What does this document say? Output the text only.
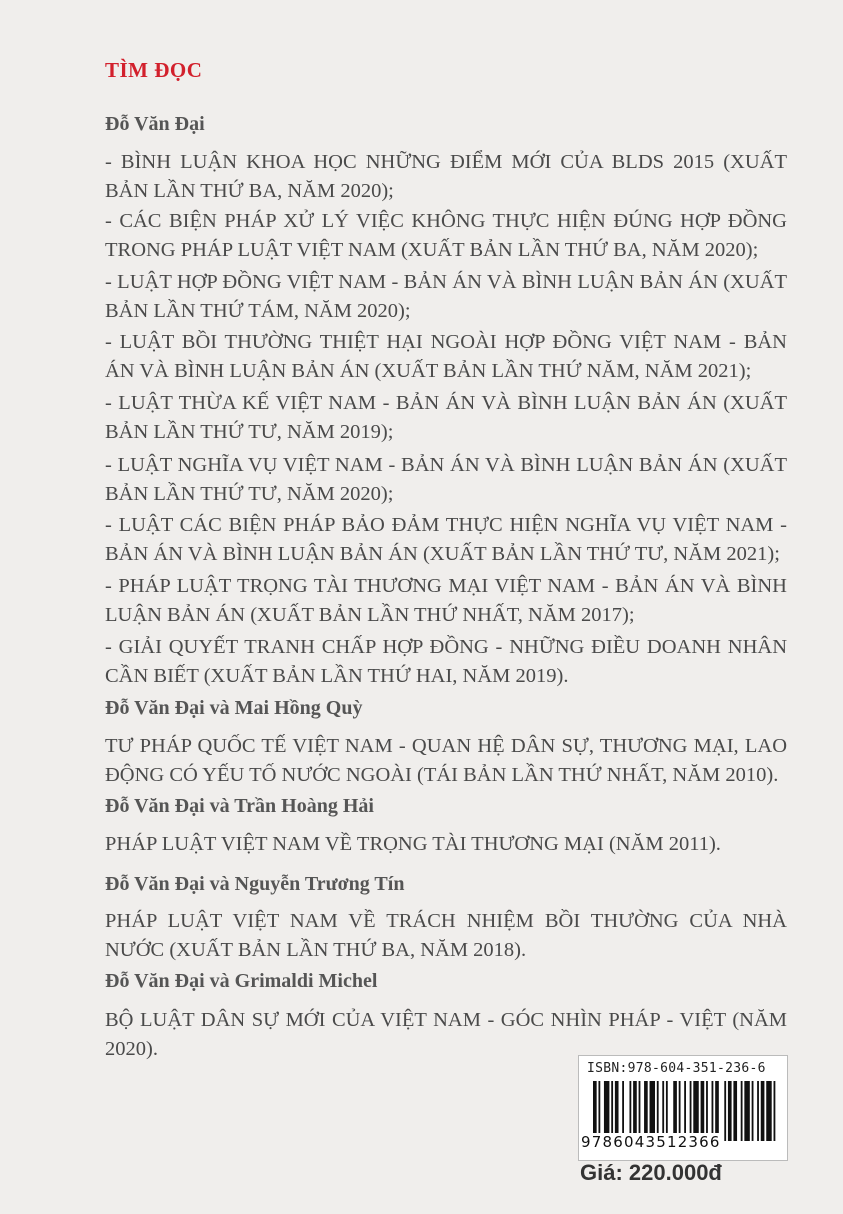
TÌM ĐỌC
Đỗ Văn Đại
- BÌNH LUẬN KHOA HỌC NHỮNG ĐIỂM MỚI CỦA BLDS 2015 (XUẤT BẢN LẦN THỨ BA, NĂM 2020);
- CÁC BIỆN PHÁP XỬ LÝ VIỆC KHÔNG THỰC HIỆN ĐÚNG HỢP ĐỒNG TRONG PHÁP LUẬT VIỆT NAM (XUẤT BẢN LẦN THỨ BA, NĂM 2020);
- LUẬT HỢP ĐỒNG VIỆT NAM - BẢN ÁN VÀ BÌNH LUẬN BẢN ÁN (XUẤT BẢN LẦN THỨ TÁM, NĂM 2020);
- LUẬT BỒI THƯỜNG THIỆT HẠI NGOÀI HỢP ĐỒNG VIỆT NAM - BẢN ÁN VÀ BÌNH LUẬN BẢN ÁN (XUẤT BẢN LẦN THỨ NĂM, NĂM 2021);
- LUẬT THỪA KẾ VIỆT NAM - BẢN ÁN VÀ BÌNH LUẬN BẢN ÁN (XUẤT BẢN LẦN THỨ TƯ, NĂM 2019);
- LUẬT NGHĨA VỤ VIỆT NAM - BẢN ÁN VÀ BÌNH LUẬN BẢN ÁN (XUẤT BẢN LẦN THỨ TƯ, NĂM 2020);
- LUẬT CÁC BIỆN PHÁP BẢO ĐẢM THỰC HIỆN NGHĨA VỤ VIỆT NAM - BẢN ÁN VÀ BÌNH LUẬN BẢN ÁN (XUẤT BẢN LẦN THỨ TƯ, NĂM 2021);
- PHÁP LUẬT TRỌNG TÀI THƯƠNG MẠI VIỆT NAM - BẢN ÁN VÀ BÌNH LUẬN BẢN ÁN (XUẤT BẢN LẦN THỨ NHẤT, NĂM 2017);
- GIẢI QUYẾT TRANH CHẤP HỢP ĐỒNG - NHỮNG ĐIỀU DOANH NHÂN CẦN BIẾT (XUẤT BẢN LẦN THỨ HAI, NĂM 2019).
Đỗ Văn Đại và Mai Hồng Quỳ
TƯ PHÁP QUỐC TẾ VIỆT NAM - QUAN HỆ DÂN SỰ, THƯƠNG MẠI, LAO ĐỘNG CÓ YẾU TỐ NƯỚC NGOÀI (TÁI BẢN LẦN THỨ NHẤT, NĂM 2010).
Đỗ Văn Đại và Trần Hoàng Hải
PHÁP LUẬT VIỆT NAM VỀ TRỌNG TÀI THƯƠNG MẠI (NĂM 2011).
Đỗ Văn Đại và Nguyễn Trương Tín
PHÁP LUẬT VIỆT NAM VỀ TRÁCH NHIỆM BỒI THƯỜNG CỦA NHÀ NƯỚC (XUẤT BẢN LẦN THỨ BA, NĂM 2018).
Đỗ Văn Đại và Grimaldi Michel
BỘ LUẬT DÂN SỰ MỚI CỦA VIỆT NAM - GÓC NHÌN PHÁP - VIỆT (NĂM 2020).
ISBN:978-604-351-236-6
9786043512366
Giá: 220.000đ
